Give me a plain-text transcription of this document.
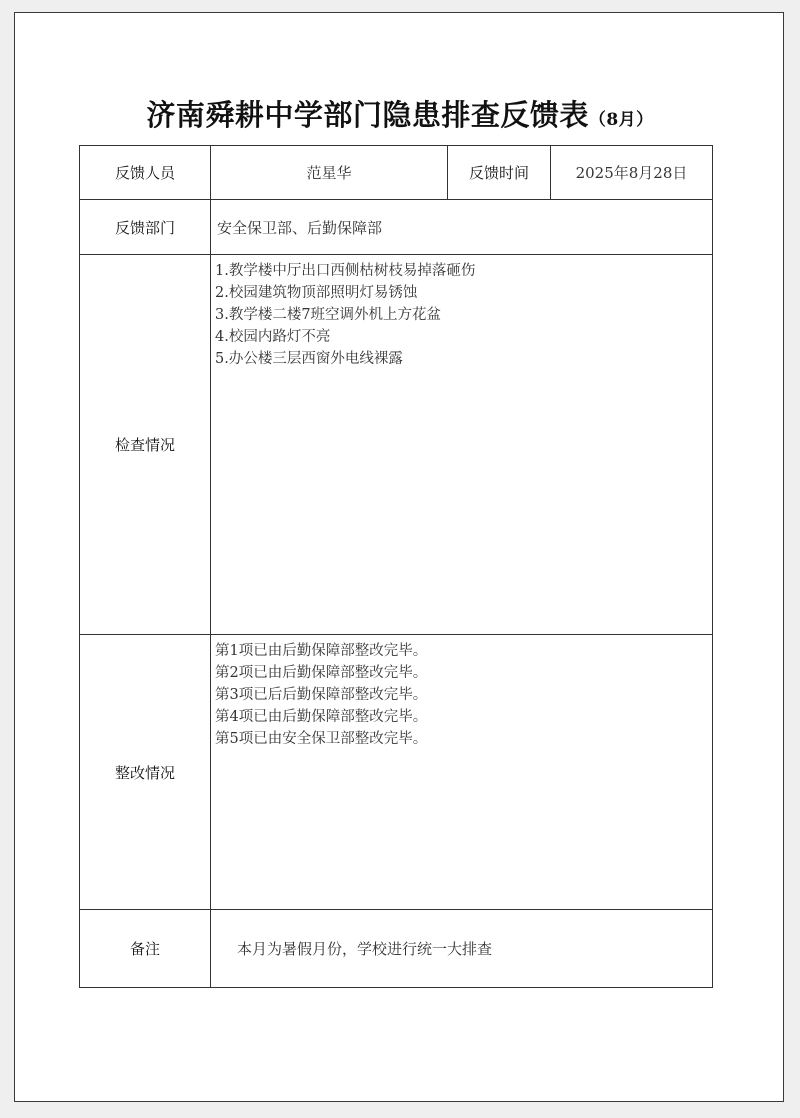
济南舜耕中学部门隐患排查反馈表（8月）
反馈人员	范星华	反馈时间	2025年8月28日
反馈部门	安全保卫部、后勤保障部		
检查情况	1.教学楼中厅出口西侧枯树枝易掉落砸伤
2.校园建筑物顶部照明灯易锈蚀
3.教学楼二楼7班空调外机上方花盆
4.校园内路灯不亮
5.办公楼三层西窗外电线裸露		

整改情况	第1项已由后勤保障部整改完毕。
第2项已由后勤保障部整改完毕。
第3项已后后勤保障部整改完毕。
第4项已由后勤保障部整改完毕。
第5项已由安全保卫部整改完毕。		

备注	本月为暑假月份，学校进行统一大排查		
